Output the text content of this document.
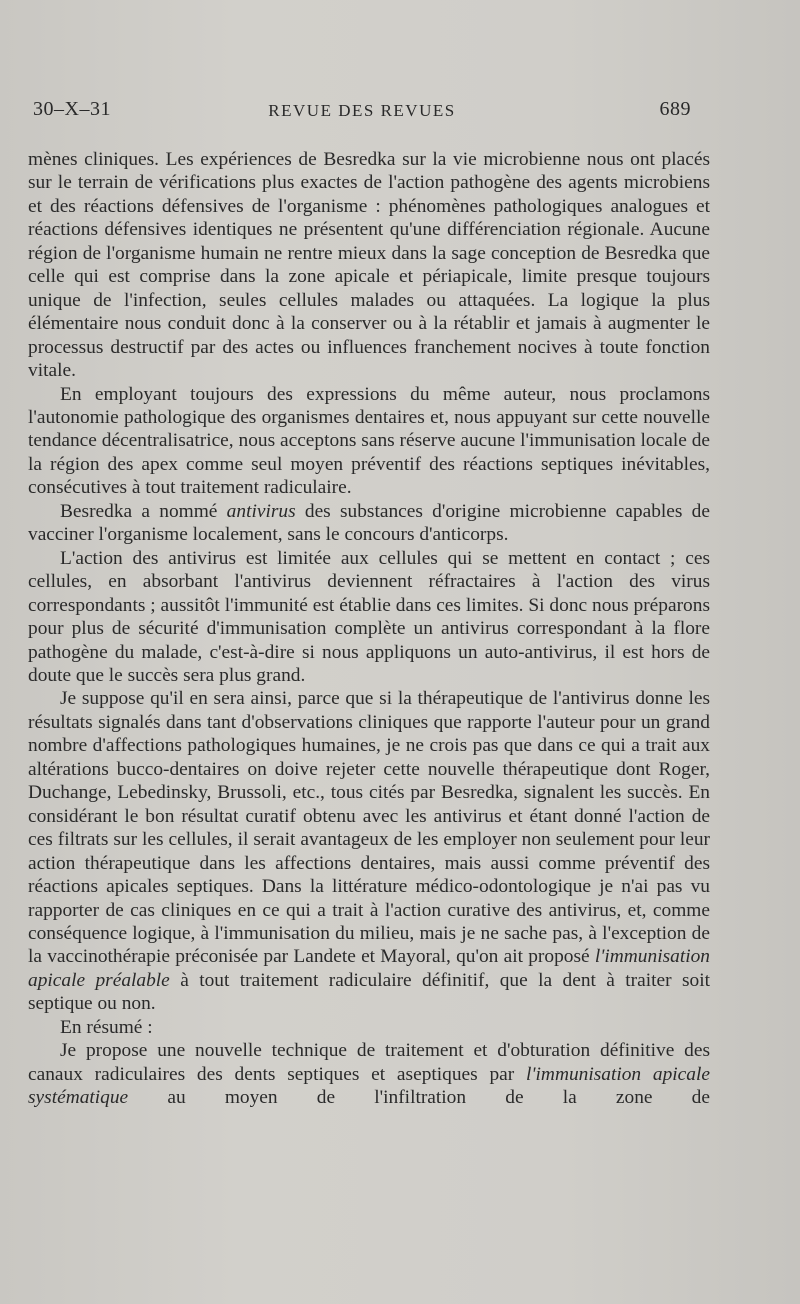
30–X–31	REVUE DES REVUES	689

mènes cliniques. Les expériences de Besredka sur la vie microbienne nous ont placés sur le terrain de vérifications plus exactes de l'action pathogène des agents microbiens et des réactions défensives de l'organisme : phénomènes pathologiques analogues et réactions défensives identiques ne présentent qu'une différenciation régionale. Aucune région de l'organisme humain ne rentre mieux dans la sage conception de Besredka que celle qui est comprise dans la zone apicale et périapicale, limite presque toujours unique de l'infection, seules cellules malades ou attaquées. La logique la plus élémentaire nous conduit donc à la conserver ou à la rétablir et jamais à augmenter le processus destructif par des actes ou influences franchement nocives à toute fonction vitale.

En employant toujours des expressions du même auteur, nous proclamons l'autonomie pathologique des organismes dentaires et, nous appuyant sur cette nouvelle tendance décentralisatrice, nous acceptons sans réserve aucune l'immunisation locale de la région des apex comme seul moyen préventif des réactions septiques inévitables, consécutives à tout traitement radiculaire.

Besredka a nommé antivirus des substances d'origine microbienne capables de vacciner l'organisme localement, sans le concours d'anticorps.

L'action des antivirus est limitée aux cellules qui se mettent en contact ; ces cellules, en absorbant l'antivirus deviennent réfractaires à l'action des virus correspondants ; aussitôt l'immunité est établie dans ces limites. Si donc nous préparons pour plus de sécurité d'immunisation complète un antivirus correspondant à la flore pathogène du malade, c'est-à-dire si nous appliquons un auto-antivirus, il est hors de doute que le succès sera plus grand.

Je suppose qu'il en sera ainsi, parce que si la thérapeutique de l'antivirus donne les résultats signalés dans tant d'observations cliniques que rapporte l'auteur pour un grand nombre d'affections pathologiques humaines, je ne crois pas que dans ce qui a trait aux altérations bucco-dentaires on doive rejeter cette nouvelle thérapeutique dont Roger, Duchange, Lebedinsky, Brussoli, etc., tous cités par Besredka, signalent les succès. En considérant le bon résultat curatif obtenu avec les antivirus et étant donné l'action de ces filtrats sur les cellules, il serait avantageux de les employer non seulement pour leur action thérapeutique dans les affections dentaires, mais aussi comme préventif des réactions apicales septiques. Dans la littérature médico-odontologique je n'ai pas vu rapporter de cas cliniques en ce qui a trait à l'action curative des antivirus, et, comme conséquence logique, à l'immunisation du milieu, mais je ne sache pas, à l'exception de la vaccinothérapie préconisée par Landete et Mayoral, qu'on ait proposé l'immunisation apicale préalable à tout traitement radiculaire définitif, que la dent à traiter soit septique ou non.

En résumé :

Je propose une nouvelle technique de traitement et d'obturation définitive des canaux radiculaires des dents septiques et aseptiques par l'immunisation apicale systématique au moyen de l'infiltration de la zone de
